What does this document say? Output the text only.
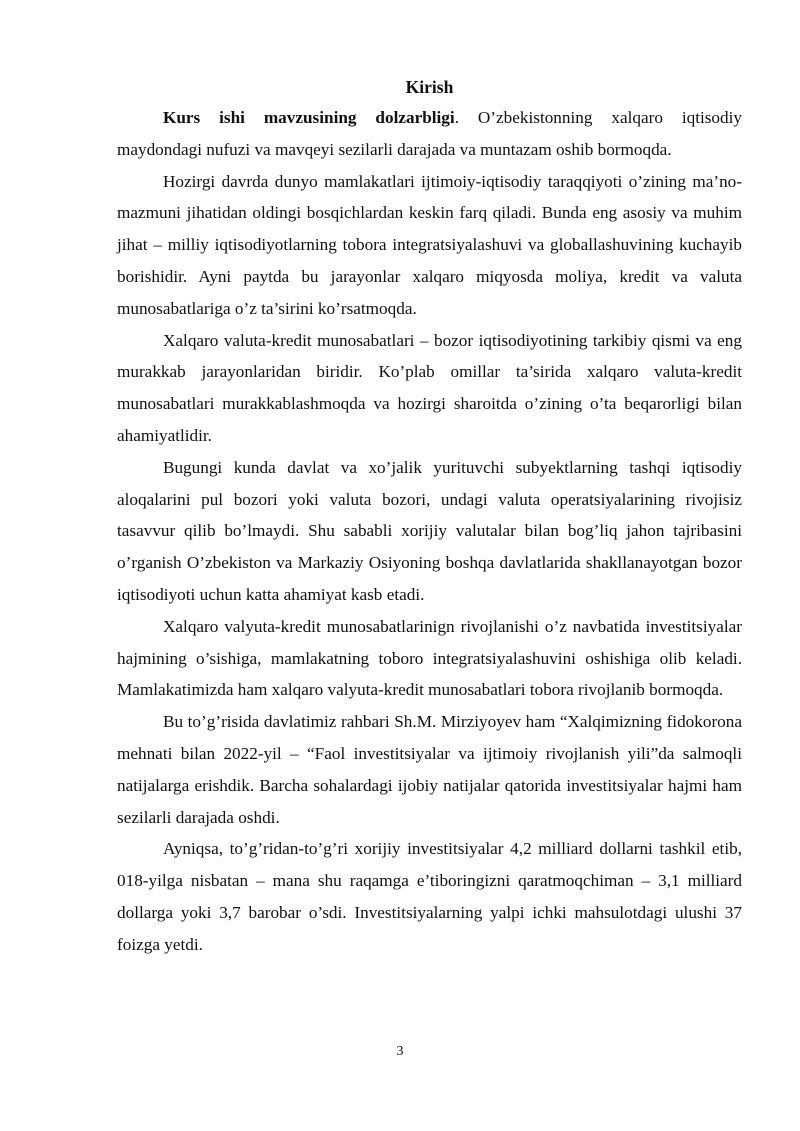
Kirish

Kurs ishi mavzusining dolzarbligi. O’zbekistonning xalqaro iqtisodiy maydondagi nufuzi va mavqeyi sezilarli darajada va muntazam oshib bormoqda.

Hozirgi davrda dunyo mamlakatlari ijtimoiy-iqtisodiy taraqqiyoti o’zining ma’no-mazmuni jihatidan oldingi bosqichlardan keskin farq qiladi. Bunda eng asosiy va muhim jihat – milliy iqtisodiyotlarning tobora integratsiyalashuvi va globallashuvining kuchayib borishidir. Ayni paytda bu jarayonlar xalqaro miqyosda moliya, kredit va valuta munosabatlariga o’z ta’sirini ko’rsatmoqda.

Xalqaro valuta-kredit munosabatlari – bozor iqtisodiyotining tarkibiy qismi va eng murakkab jarayonlaridan biridir. Ko’plab omillar ta’sirida xalqaro valuta-kredit munosabatlari murakkablashmoqda va hozirgi sharoitda o’zining o’ta beqarorligi bilan ahamiyatlidir.

Bugungi kunda davlat va xo’jalik yurituvchi subyektlarning tashqi iqtisodiy aloqalarini pul bozori yoki valuta bozori, undagi valuta operatsiyalarining rivojisiz tasavvur qilib bo’lmaydi. Shu sababli xorijiy valutalar bilan bog’liq jahon tajribasini o’rganish O’zbekiston va Markaziy Osiyoning boshqa davlatlarida shakllanayotgan bozor iqtisodiyoti uchun katta ahamiyat kasb etadi.

Xalqaro valyuta-kredit munosabatlarinign rivojlanishi o’z navbatida investitsiyalar hajmining o’sishiga, mamlakatning toboro integratsiyalashuvini oshishiga olib keladi. Mamlakatimizda ham xalqaro valyuta-kredit munosabatlari tobora rivojlanib bormoqda.

Bu to’g’risida davlatimiz rahbari Sh.M. Mirziyoyev ham “Xalqimizning fidokorona mehnati bilan 2022-yil – “Faol investitsiyalar va ijtimoiy rivojlanish yili”da salmoqli natijalarga erishdik. Barcha sohalardagi ijobiy natijalar qatorida investitsiyalar hajmi ham sezilarli darajada oshdi.

Ayniqsa, to’g’ridan-to’g’ri xorijiy investitsiyalar 4,2 milliard dollarni tashkil etib, 018-yilga nisbatan – mana shu raqamga e’tiboringizni qaratmoqchiman – 3,1 milliard dollarga yoki 3,7 barobar o’sdi. Investitsiyalarning yalpi ichki mahsulotdagi ulushi 37 foizga yetdi.

3
